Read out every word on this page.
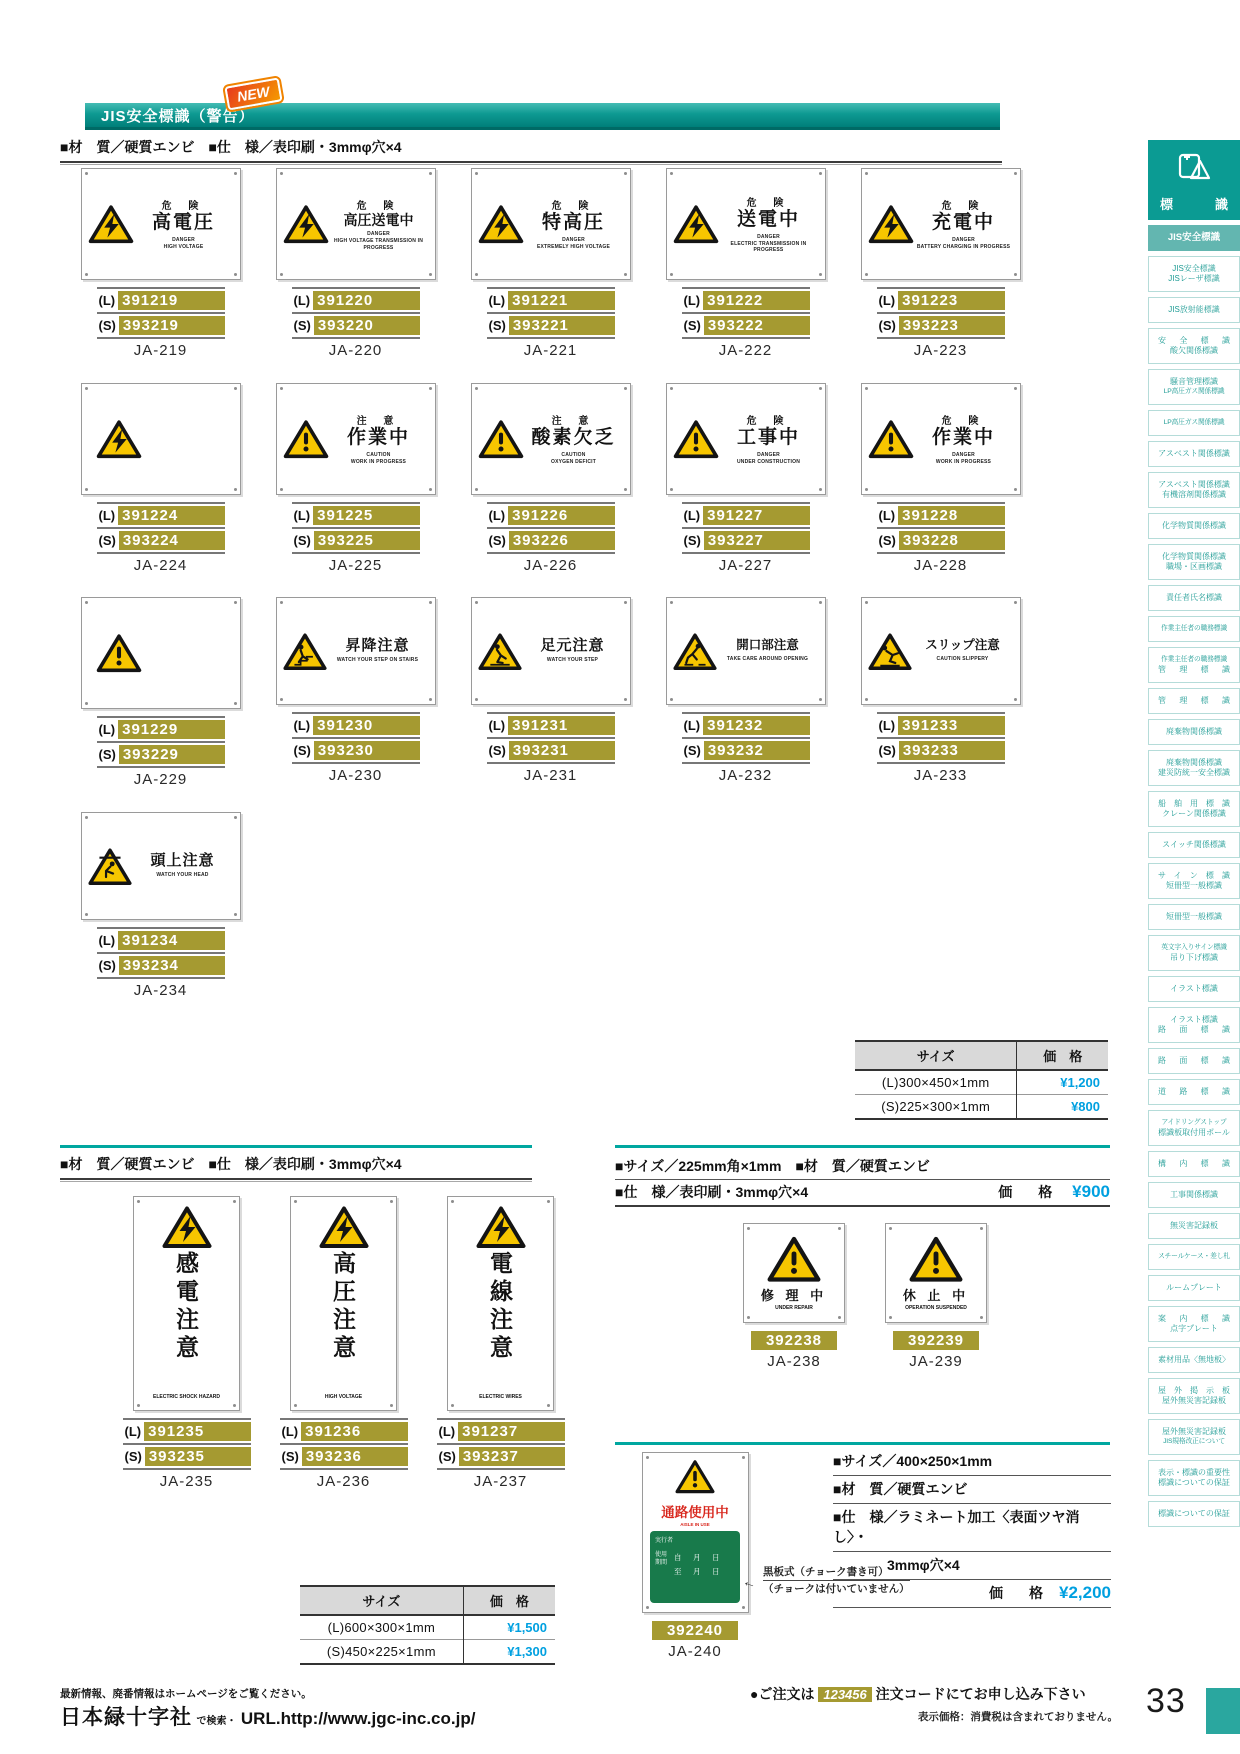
JIS安全標識（警告）
NEW
■材　質／硬質エンビ　■仕　様／表印刷・3mmφ穴×4
危 険
高電圧
DANGER
HIGH VOLTAGE
(L) 391219
(S) 393219
JA-219
危 険
高圧送電中
DANGER
HIGH VOLTAGE TRANSMISSION IN PROGRESS
(L) 391220
(S) 393220
JA-220
危 険
特高圧
DANGER
EXTREMELY HIGH VOLTAGE
(L) 391221
(S) 393221
JA-221
危 険
送電中
DANGER
ELECTRIC TRANSMISSION IN PROGRESS
(L) 391222
(S) 393222
JA-222
危 険
充電中
DANGER
BATTERY CHARGING IN PROGRESS
(L) 391223
(S) 393223
JA-223
(L) 391224
(S) 393224
JA-224
注 意
作業中
CAUTION
WORK IN PROGRESS
(L) 391225
(S) 393225
JA-225
注 意
酸素欠乏
CAUTION
OXYGEN DEFICIT
(L) 391226
(S) 393226
JA-226
危 険
工事中
DANGER
UNDER CONSTRUCTION
(L) 391227
(S) 393227
JA-227
危 険
作業中
DANGER
WORK IN PROGRESS
(L) 391228
(S) 393228
JA-228
(L) 391229
(S) 393229
JA-229
昇降注意
WATCH YOUR STEP ON STAIRS
(L) 391230
(S) 393230
JA-230
足元注意
WATCH YOUR STEP
(L) 391231
(S) 393231
JA-231
開口部注意
TAKE CARE AROUND OPENING
(L) 391232
(S) 393232
JA-232
スリップ注意
CAUTION SLIPPERY
(L) 391233
(S) 393233
JA-233
頭上注意
WATCH YOUR HEAD
(L) 391234
(S) 393234
JA-234
サイズ	価　格
(L)300×450×1mm	¥1,200
(S)225×300×1mm	¥800
■材　質／硬質エンビ　■仕　様／表印刷・3mmφ穴×4
感電注意
ELECTRIC SHOCK HAZARD
(L) 391235
(S) 393235
JA-235
高圧注意
HIGH VOLTAGE
(L) 391236
(S) 393236
JA-236
電線注意
ELECTRIC WIRES
(L) 391237
(S) 393237
JA-237
サイズ	価　格
(L)600×300×1mm	¥1,500
(S)450×225×1mm	¥1,300
■サイズ／225mm角×1mm　■材　質／硬質エンビ
■仕　様／表印刷・3mmφ穴×4	価　格 ¥900
修 理 中
UNDER REPAIR
392238
JA-238
休 止 中
OPERATION SUSPENDED
392239
JA-239
通路使用中
AISLE IN USE
実行者
使用期間
自　月　日
至　月　日
392240
JA-240
■サイズ／400×250×1mm
■材　質／硬質エンビ
■仕　様／ラミネート加工〈表面ツヤ消し〉・
3mmφ穴×4
価　格 ¥2,200
←
黒板式（チョーク書き可）
（チョークは付いていません）
最新情報、廃番情報はホームページをご覧ください。
日本緑十字社 で検索・ URL.http://www.jgc-inc.co.jp/
●ご注文は 123456 注文コードにてお申し込み下さい
表示価格：消費税は含まれておりません。 33
標　識
JIS安全標識
JIS安全標識
JISレーザ標識
JIS放射能標識
安全標識
酸欠関係標識
騒音管理標識
LP高圧ガス関係標識
LP高圧ガス関係標識
アスベスト関係標識
アスベスト関係標識
有機溶剤関係標識
化学物質関係標識
化学物質関係標識
職場・区画標識
責任者氏名標識
作業主任者の職務標識
作業主任者の職務標識
管理標識
管理標識
廃棄物関係標識
廃棄物関係標識
建災防統一安全標識
船舶用標識
クレーン関係標識
スイッチ関係標識
サイン標識
短冊型一般標識
短冊型一般標識
英文字入りサイン標識
吊り下げ標識
イラスト標識
イラスト標識
路面標識
路面標識
道路標識
アイドリングストップ
標識板取付用ポール
構内標識
工事関係標識
無災害記録板
スチールケース・差し札
ルームプレート
案内標識
点字プレート
素材用品〈無地板〉
屋外掲示板
屋外無災害記録板
屋外無災害記録板
JIS規格改正について
表示・標識の重要性
標識についての保証
標識についての保証
